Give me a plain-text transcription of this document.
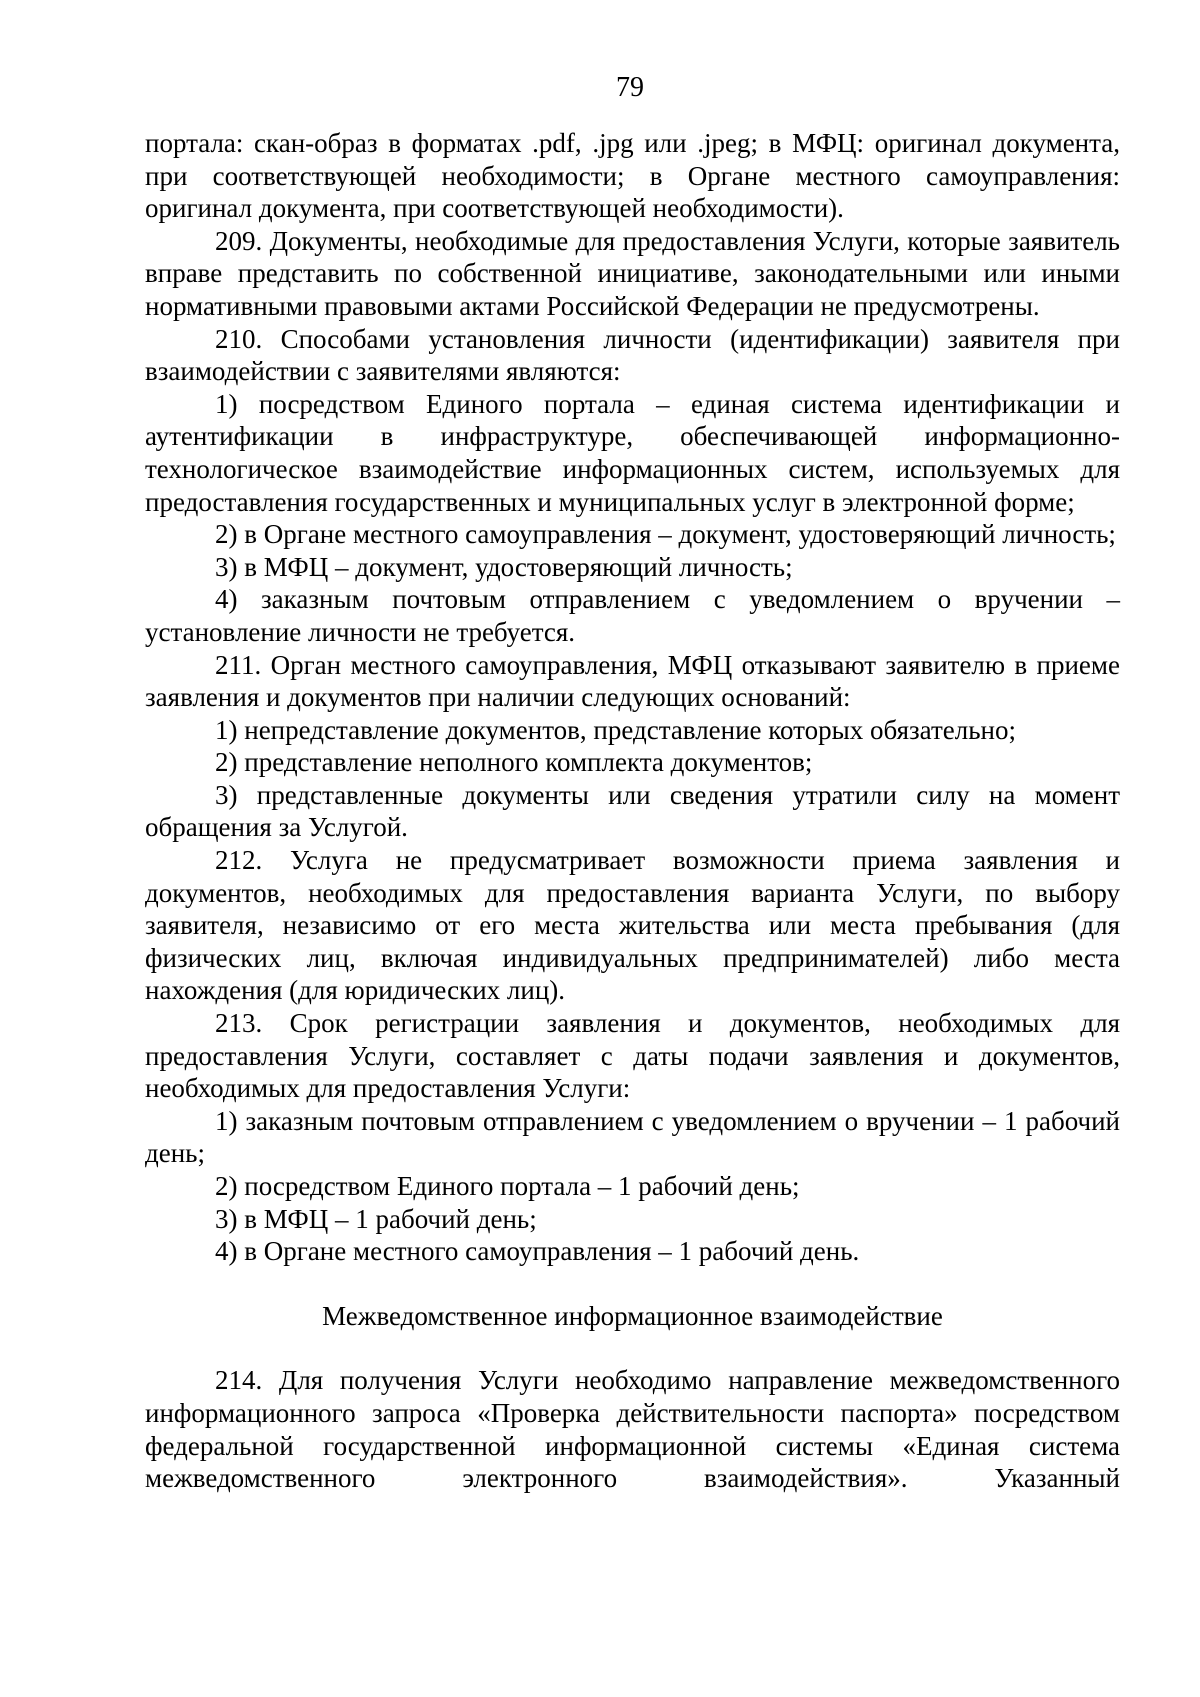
79

портала: скан-образ в форматах .pdf, .jpg или .jpeg; в МФЦ: оригинал документа, при соответствующей необходимости; в Органе местного самоуправления: оригинал документа, при соответствующей необходимости).

209. Документы, необходимые для предоставления Услуги, которые заявитель вправе представить по собственной инициативе, законодательными или иными нормативными правовыми актами Российской Федерации не предусмотрены.

210. Способами установления личности (идентификации) заявителя при взаимодействии с заявителями являются:

1) посредством Единого портала – единая система идентификации и аутентификации в инфраструктуре, обеспечивающей информационно-технологическое взаимодействие информационных систем, используемых для предоставления государственных и муниципальных услуг в электронной форме;

2) в Органе местного самоуправления – документ, удостоверяющий личность;

3) в МФЦ – документ, удостоверяющий личность;

4) заказным почтовым отправлением с уведомлением о вручении – установление личности не требуется.

211. Орган местного самоуправления, МФЦ отказывают заявителю в приеме заявления и документов при наличии следующих оснований:

1) непредставление документов, представление которых обязательно;

2) представление неполного комплекта документов;

3) представленные документы или сведения утратили силу на момент обращения за Услугой.

212. Услуга не предусматривает возможности приема заявления и документов, необходимых для предоставления варианта Услуги, по выбору заявителя, независимо от его места жительства или места пребывания (для физических лиц, включая индивидуальных предпринимателей) либо места нахождения (для юридических лиц).

213. Срок регистрации заявления и документов, необходимых для предоставления Услуги, составляет с даты подачи заявления и документов, необходимых для предоставления Услуги:

1) заказным почтовым отправлением с уведомлением о вручении – 1 рабочий день;

2) посредством Единого портала – 1 рабочий день;

3) в МФЦ – 1 рабочий день;

4) в Органе местного самоуправления – 1 рабочий день.

Межведомственное информационное взаимодействие

214. Для получения Услуги необходимо направление межведомственного информационного запроса «Проверка действительности паспорта» посредством федеральной государственной информационной системы «Единая система межведомственного электронного взаимодействия». Указанный
